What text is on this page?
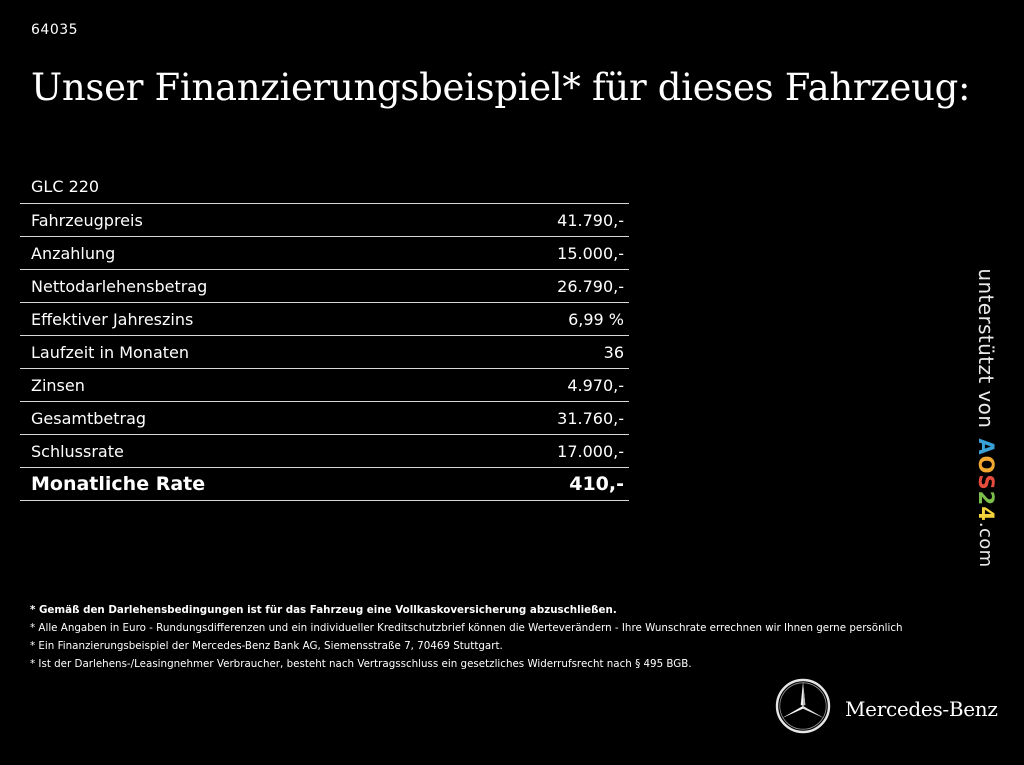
64035
Unser Finanzierungsbeispiel* für dieses Fahrzeug:
GLC 220
Fahrzeugpreis	41.790,-
Anzahlung	15.000,-
Nettodarlehensbetrag	26.790,-
Effektiver Jahreszins	6,99 %
Laufzeit in Monaten	36
Zinsen	4.970,-
Gesamtbetrag	31.760,-
Schlussrate	17.000,-
Monatliche Rate	410,-
unterstützt von
AOS24
.com
* Gemäß den Darlehensbedingungen ist für das Fahrzeug eine Vollkaskoversicherung abzuschließen.
* Alle Angaben in Euro - Rundungsdifferenzen und ein individueller Kreditschutzbrief können die Werteverändern - Ihre Wunschrate errechnen wir Ihnen gerne persönlich
* Ein Finanzierungsbeispiel der Mercedes-Benz Bank AG, Siemensstraße 7, 70469 Stuttgart.
* Ist der Darlehens-/Leasingnehmer Verbraucher, besteht nach Vertragsschluss ein gesetzliches Widerrufsrecht nach § 495 BGB.
Mercedes-Benz
